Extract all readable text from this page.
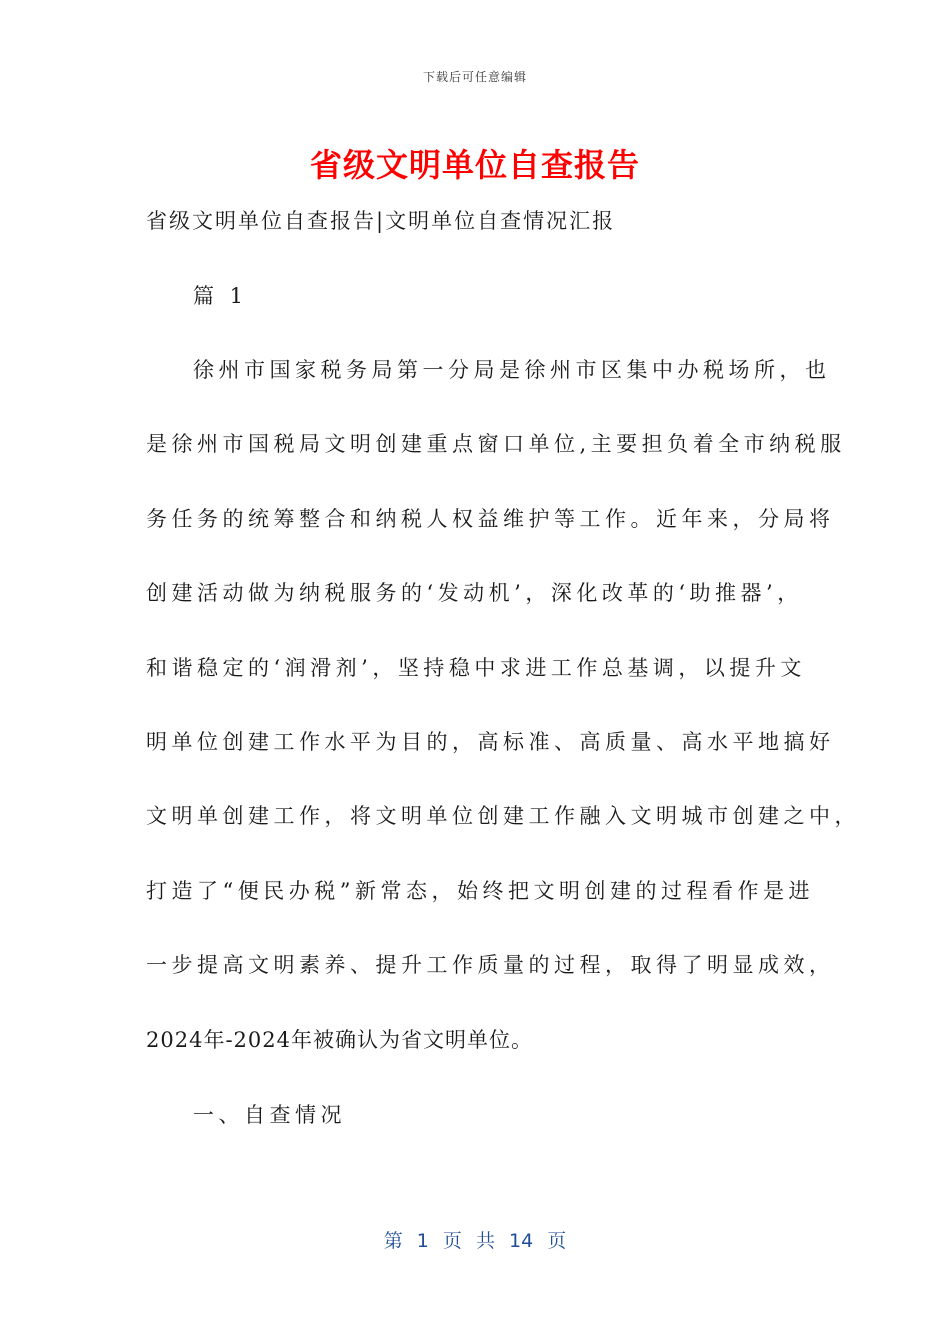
下载后可任意编辑
省级文明单位自查报告
省级文明单位自查报告|文明单位自查情况汇报
篇 1
徐州市国家税务局第一分局是徐州市区集中办税场所，也
是徐州市国税局文明创建重点窗口单位,主要担负着全市纳税服
务任务的统筹整合和纳税人权益维护等工作。近年来，分局将
创建活动做为纳税服务的‘发动机’，深化改革的‘助推器’，
和谐稳定的‘润滑剂’，坚持稳中求进工作总基调，以提升文
明单位创建工作水平为目的，高标准、高质量、高水平地搞好
文明单创建工作，将文明单位创建工作融入文明城市创建之中，
打造了“便民办税”新常态，始终把文明创建的过程看作是进
一步提高文明素养、提升工作质量的过程，取得了明显成效，
2024年-2024年被确认为省文明单位。
一、自查情况
第 1 页 共 14 页
